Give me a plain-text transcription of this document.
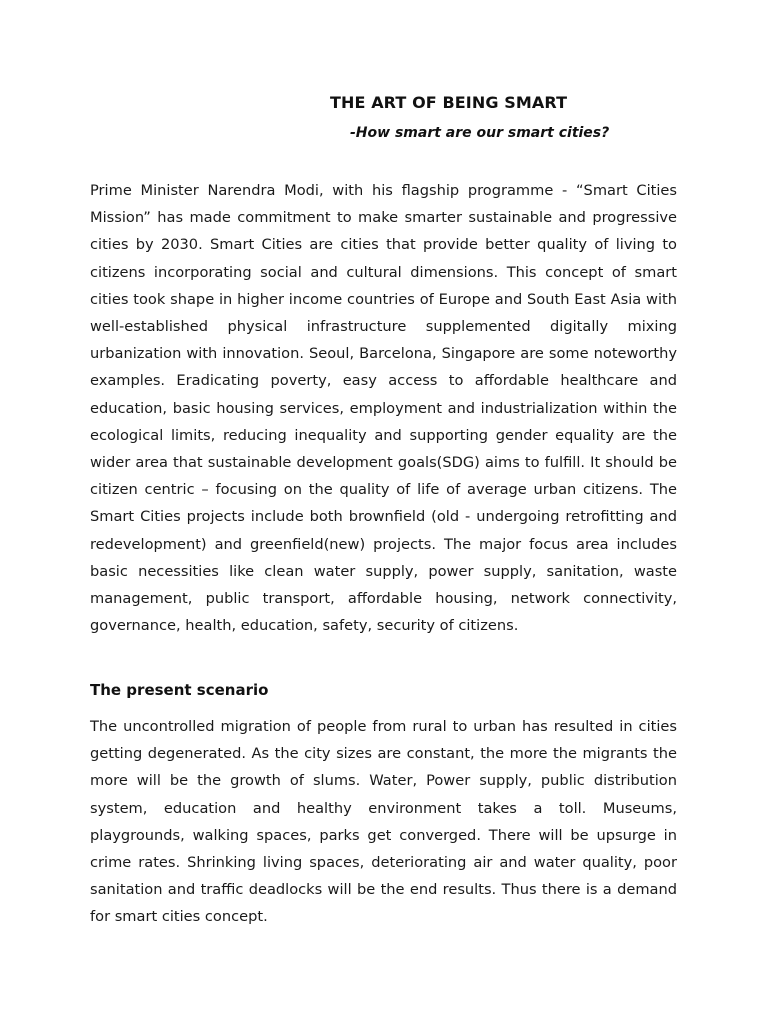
THE ART OF BEING SMART
-How smart are our smart cities?

Prime Minister Narendra Modi, with his flagship programme - “Smart Cities Mission” has made commitment to make smarter sustainable and progressive cities by 2030. Smart Cities are cities that provide better quality of living to citizens incorporating social and cultural dimensions. This concept of smart cities took shape in higher income countries of Europe and South East Asia with well-established physical infrastructure supplemented digitally mixing urbanization with innovation. Seoul, Barcelona, Singapore are some noteworthy examples. Eradicating poverty, easy access to affordable healthcare and education, basic housing services, employment and industrialization within the ecological limits, reducing inequality and supporting gender equality are the wider area that sustainable development goals(SDG) aims to fulfill. It should be citizen centric – focusing on the quality of life of average urban citizens. The Smart Cities projects include both brownfield (old - undergoing retrofitting and redevelopment) and greenfield(new) projects. The major focus area includes basic necessities like clean water supply, power supply, sanitation, waste management, public transport, affordable housing, network connectivity, governance, health, education, safety, security of citizens.

The present scenario

The uncontrolled migration of people from rural to urban has resulted in cities getting degenerated. As the city sizes are constant, the more the migrants the more will be the growth of slums. Water, Power supply, public distribution system, education and healthy environment takes a toll. Museums, playgrounds, walking spaces, parks get converged. There will be upsurge in crime rates. Shrinking living spaces, deteriorating air and water quality, poor sanitation and traffic deadlocks will be the end results. Thus there is a demand for smart cities concept.
